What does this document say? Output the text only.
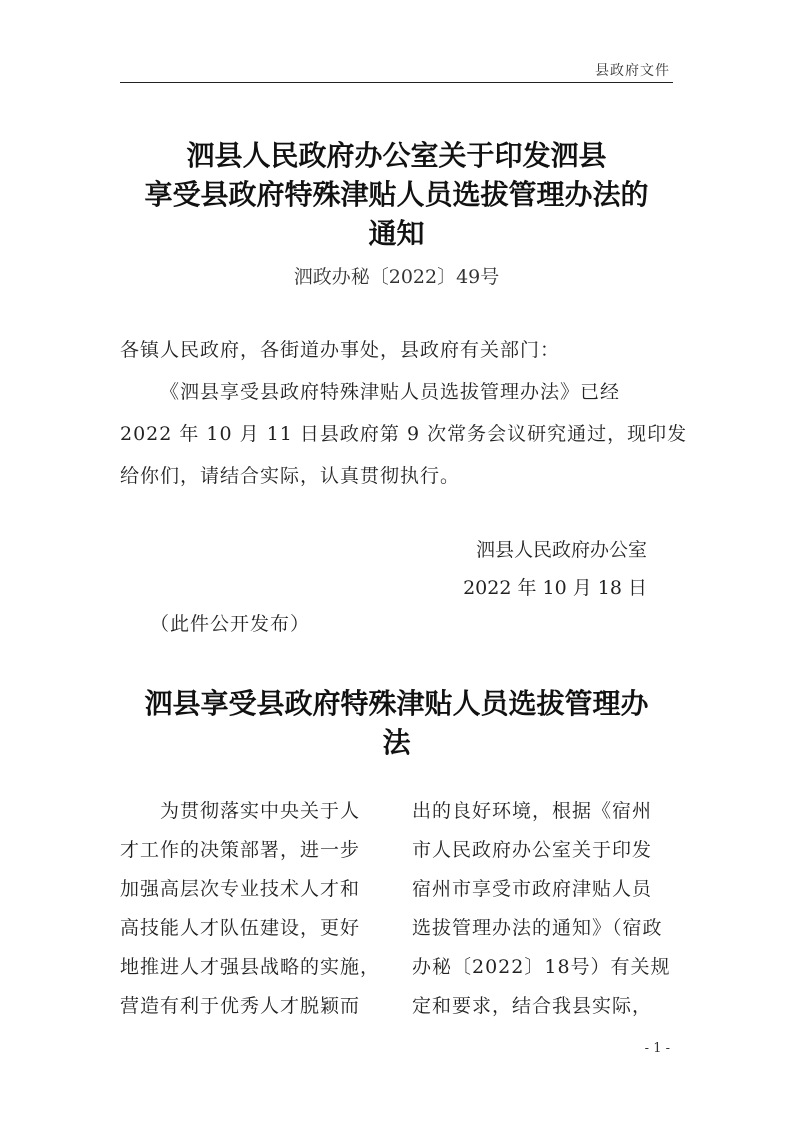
县政府文件
泗县人民政府办公室关于印发泗县
享受县政府特殊津贴人员选拔管理办法的
通知
泗政办秘〔2022〕49号
各镇人民政府，各街道办事处，县政府有关部门：
《泗县享受县政府特殊津贴人员选拔管理办法》已经
2022 年 10 月 11 日县政府第 9 次常务会议研究通过，现印发
给你们，请结合实际，认真贯彻执行。
泗县人民政府办公室
2022 年 10 月 18 日
（此件公开发布）
泗县享受县政府特殊津贴人员选拔管理办
法
为贯彻落实中央关于人
才工作的决策部署，进一步
加强高层次专业技术人才和
高技能人才队伍建设，更好
地推进人才强县战略的实施，
营造有利于优秀人才脱颖而
出的良好环境，根据《宿州
市人民政府办公室关于印发
宿州市享受市政府津贴人员
选拔管理办法的通知》（宿政
办秘〔2022〕18号）有关规
定和要求，结合我县实际，
- 1 -
